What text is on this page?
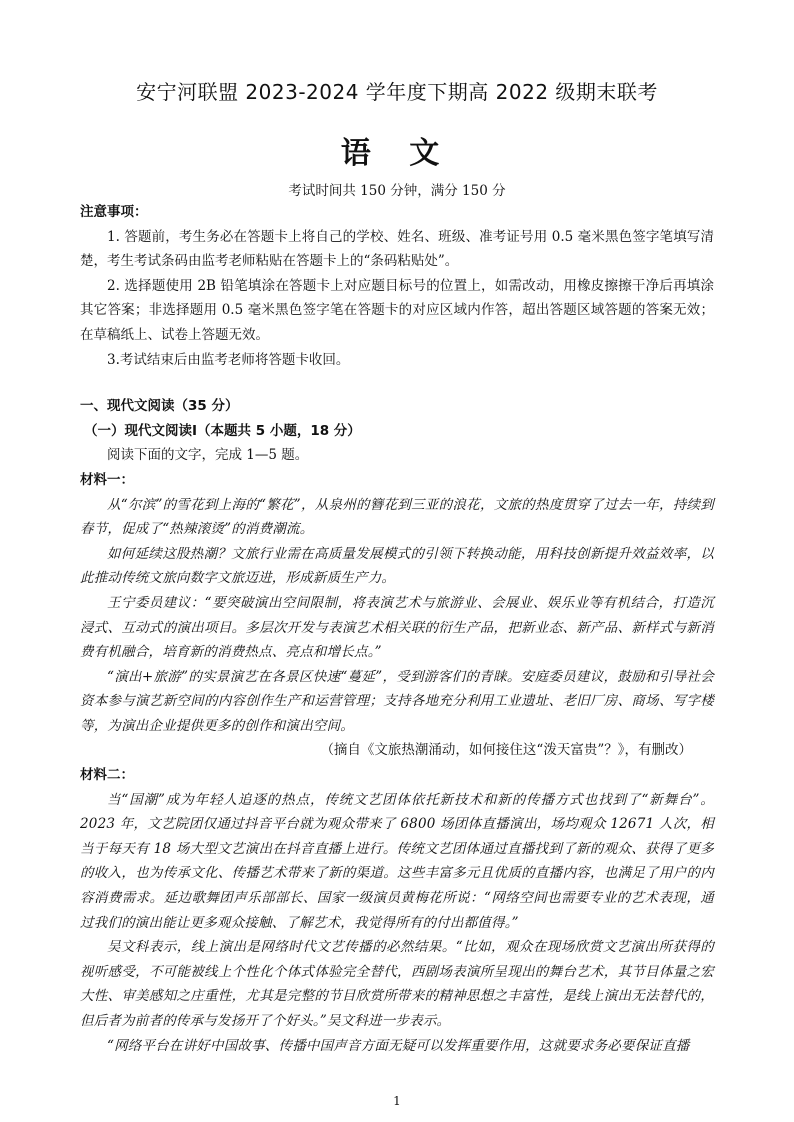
安宁河联盟 2023-2024 学年度下期高 2022 级期末联考
语 文
考试时间共 150 分钟，满分 150 分

注意事项：

1. 答题前，考生务必在答题卡上将自己的学校、姓名、班级、准考证号用 0.5 毫米黑色签字笔填写清楚，考生考试条码由监考老师粘贴在答题卡上的“条码粘贴处”。

2. 选择题使用 2B 铅笔填涂在答题卡上对应题目标号的位置上，如需改动，用橡皮擦擦干净后再填涂其它答案；非选择题用 0.5 毫米黑色签字笔在答题卡的对应区域内作答，超出答题区域答题的答案无效；在草稿纸上、试卷上答题无效。

3.考试结束后由监考老师将答题卡收回。

一、现代文阅读（35 分）

（一）现代文阅读Ⅰ（本题共 5 小题，18 分）

阅读下面的文字，完成 1—5 题。

材料一：

从“尔滨”的雪花到上海的“繁花”，从泉州的簪花到三亚的浪花，文旅的热度贯穿了过去一年，持续到春节，促成了“热辣滚烫”的消费潮流。

如何延续这股热潮？文旅行业需在高质量发展模式的引领下转换动能，用科技创新提升效益效率，以此推动传统文旅向数字文旅迈进，形成新质生产力。

王宁委员建议：“要突破演出空间限制，将表演艺术与旅游业、会展业、娱乐业等有机结合，打造沉浸式、互动式的演出项目。多层次开发与表演艺术相关联的衍生产品，把新业态、新产品、新样式与新消费有机融合，培育新的消费热点、亮点和增长点。”

“演出+旅游”的实景演艺在各景区快速“蔓延”，受到游客们的青睐。安庭委员建议，鼓励和引导社会资本参与演艺新空间的内容创作生产和运营管理；支持各地充分利用工业遗址、老旧厂房、商场、写字楼等，为演出企业提供更多的创作和演出空间。

（摘自《文旅热潮涌动，如何接住这“泼天富贵”？》，有删改）

材料二：

当“国潮”成为年轻人追逐的热点，传统文艺团体依托新技术和新的传播方式也找到了“新舞台”。2023 年，文艺院团仅通过抖音平台就为观众带来了 6800 场团体直播演出，场均观众 12671 人次，相当于每天有 18 场大型文艺演出在抖音直播上进行。传统文艺团体通过直播找到了新的观众、获得了更多的收入，也为传承文化、传播艺术带来了新的渠道。这些丰富多元且优质的直播内容，也满足了用户的内容消费需求。延边歌舞团声乐部部长、国家一级演员黄梅花所说：“网络空间也需要专业的艺术表现，通过我们的演出能让更多观众接触、了解艺术，我觉得所有的付出都值得。”

吴文科表示，线上演出是网络时代文艺传播的必然结果。“比如，观众在现场欣赏文艺演出所获得的视听感受，不可能被线上个性化个体式体验完全替代，西剧场表演所呈现出的舞台艺术，其节目体量之宏大性、审美感知之庄重性，尤其是完整的节目欣赏所带来的精神思想之丰富性，是线上演出无法替代的，但后者为前者的传承与发扬开了个好头。”吴文科进一步表示。

“网络平台在讲好中国故事、传播中国声音方面无疑可以发挥重要作用，这就要求务必要保证直播

1
